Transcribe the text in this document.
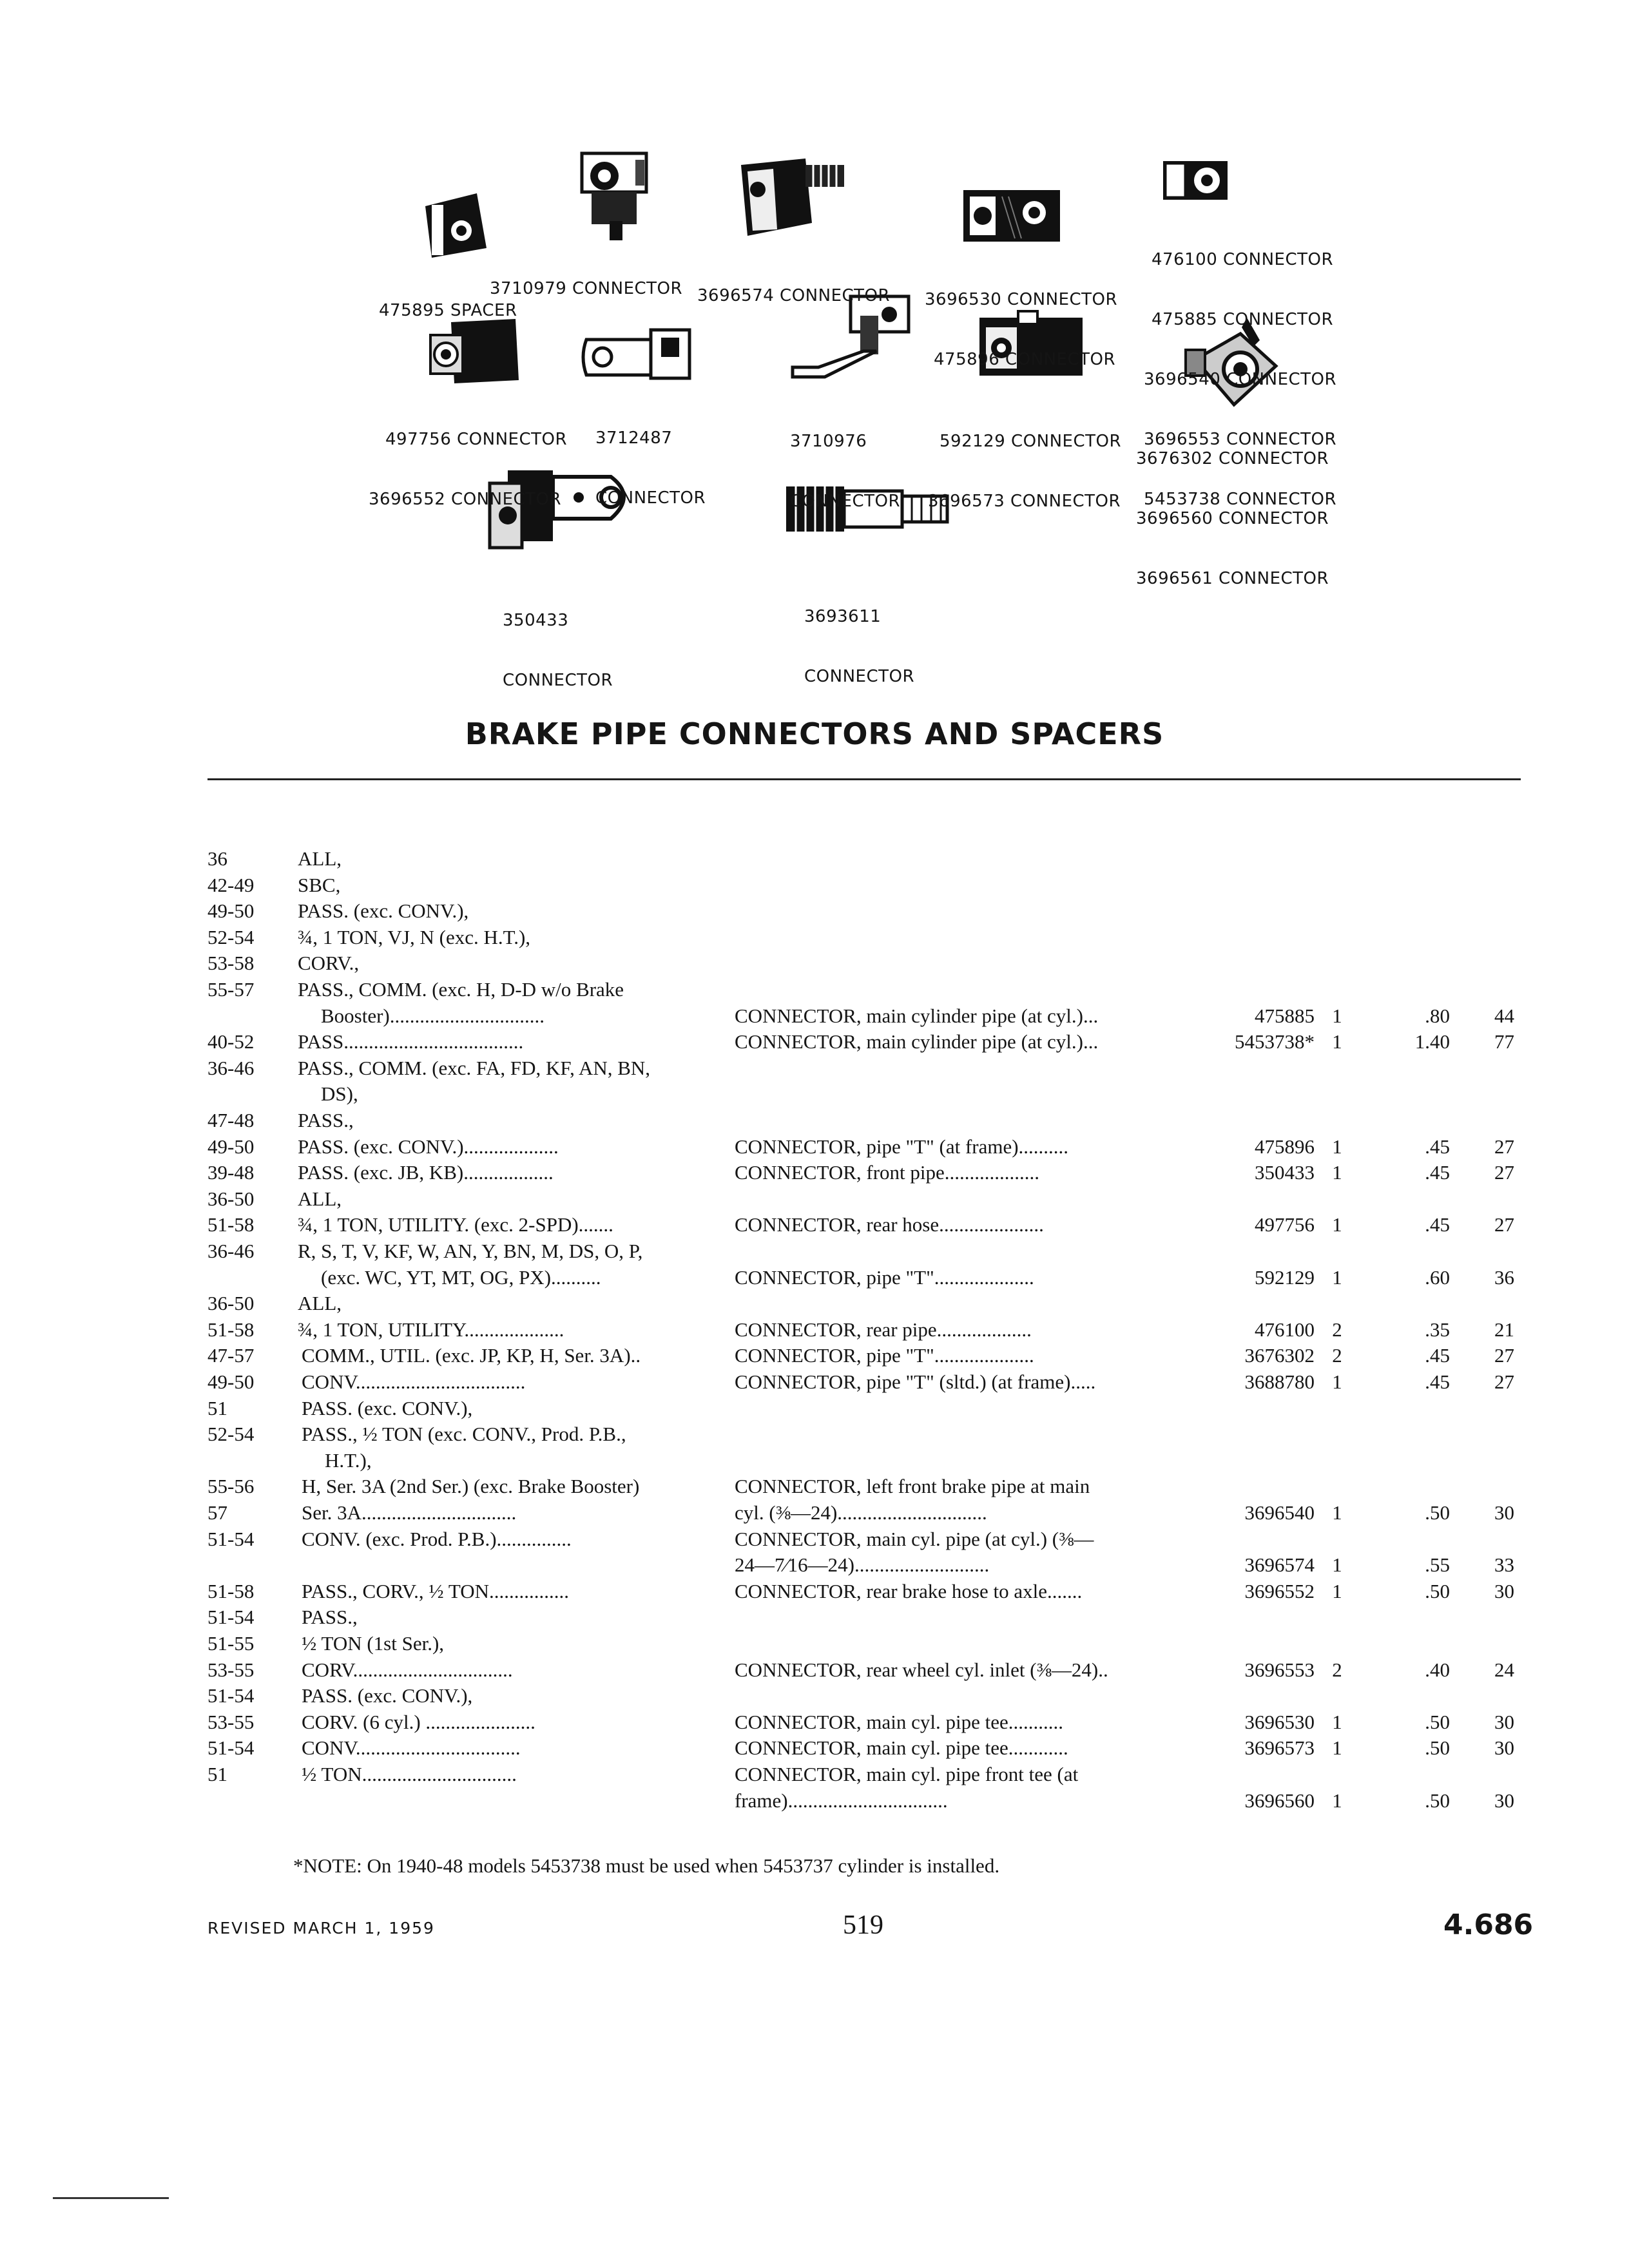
475895 SPACER

3710979 CONNECTOR

3696574 CONNECTOR

3696530 CONNECTOR

475896 CONNECTOR

476100 CONNECTOR

475885 CONNECTOR

3696540 CONNECTOR

3696553 CONNECTOR

5453738 CONNECTOR

497756 CONNECTOR

3696552 CONNECTOR

3712487

CONNECTOR

3710976

CONNECTOR

592129 CONNECTOR

3696573 CONNECTOR

3676302 CONNECTOR

3696560 CONNECTOR

3696561 CONNECTOR

350433

CONNECTOR

3693611

CONNECTOR

BRAKE PIPE CONNECTORS AND SPACERS
36	ALL,
42-49 SBC,
49-50 PASS. (exc. CONV.),
52-54 ¾, 1 TON, VJ, N (exc. H.T.),
53-58 CORV.,
55-57 PASS., COMM. (exc. H, D-D w/o Brake
Booster)...............................	CONNECTOR, main cylinder pipe (at cyl.)...	475885 1	.80	44
40-52 PASS....................................	CONNECTOR, main cylinder pipe (at cyl.)...	5453738* 1	1.40	77
36-46 PASS., COMM. (exc. FA, FD, KF, AN, BN,
DS),
47-48 PASS.,
49-50 PASS. (exc. CONV.)...................	CONNECTOR, pipe "T" (at frame)..........	475896 1	.45	27
39-48 PASS. (exc. JB, KB)..................	CONNECTOR, front pipe...................	350433 1	.45	27
36-50 ALL,
51-58 ¾, 1 TON, UTILITY. (exc. 2-SPD).......	CONNECTOR, rear hose.....................	497756 1	.45	27
36-46 R, S, T, V, KF, W, AN, Y, BN, M, DS, O, P,
(exc. WC, YT, MT, OG, PX)..........	CONNECTOR, pipe "T"....................	592129 1	.60	36
36-50 ALL,
51-58 ¾, 1 TON, UTILITY....................	CONNECTOR, rear pipe...................	476100 2	.35	21
47-57 COMM., UTIL. (exc. JP, KP, H, Ser. 3A)..	CONNECTOR, pipe "T"....................	3676302 2	.45	27
49-50 CONV..................................	CONNECTOR, pipe "T" (sltd.) (at frame).....	3688780 1	.45	27
51	PASS. (exc. CONV.),
52-54 PASS., ½ TON (exc. CONV., Prod. P.B.,
H.T.),
55-56 H, Ser. 3A (2nd Ser.) (exc. Brake Booster)	CONNECTOR, left front brake pipe at main
57	Ser. 3A...............................	cyl. (⅜—24)..............................	3696540 1	.50	30
51-54 CONV. (exc. Prod. P.B.)...............	CONNECTOR, main cyl. pipe (at cyl.) (⅜—
24—7⁄16—24)...........................	3696574 1	.55	33
51-58 PASS., CORV., ½ TON................	CONNECTOR, rear brake hose to axle.......	3696552 1	.50	30
51-54 PASS.,
51-55 ½ TON (1st Ser.),
53-55 CORV................................	CONNECTOR, rear wheel cyl. inlet (⅜—24)..	3696553 2	.40	24
51-54 PASS. (exc. CONV.),
53-55 CORV. (6 cyl.) ......................	CONNECTOR, main cyl. pipe tee...........	3696530 1	.50	30
51-54 CONV.................................	CONNECTOR, main cyl. pipe tee............	3696573 1	.50	30
51	½ TON...............................	CONNECTOR, main cyl. pipe front tee (at
frame)................................	3696560 1	.50	30
*NOTE: On 1940-48 models 5453738 must be used when 5453737 cylinder is installed.
REVISED MARCH 1, 1959	519	4.686
